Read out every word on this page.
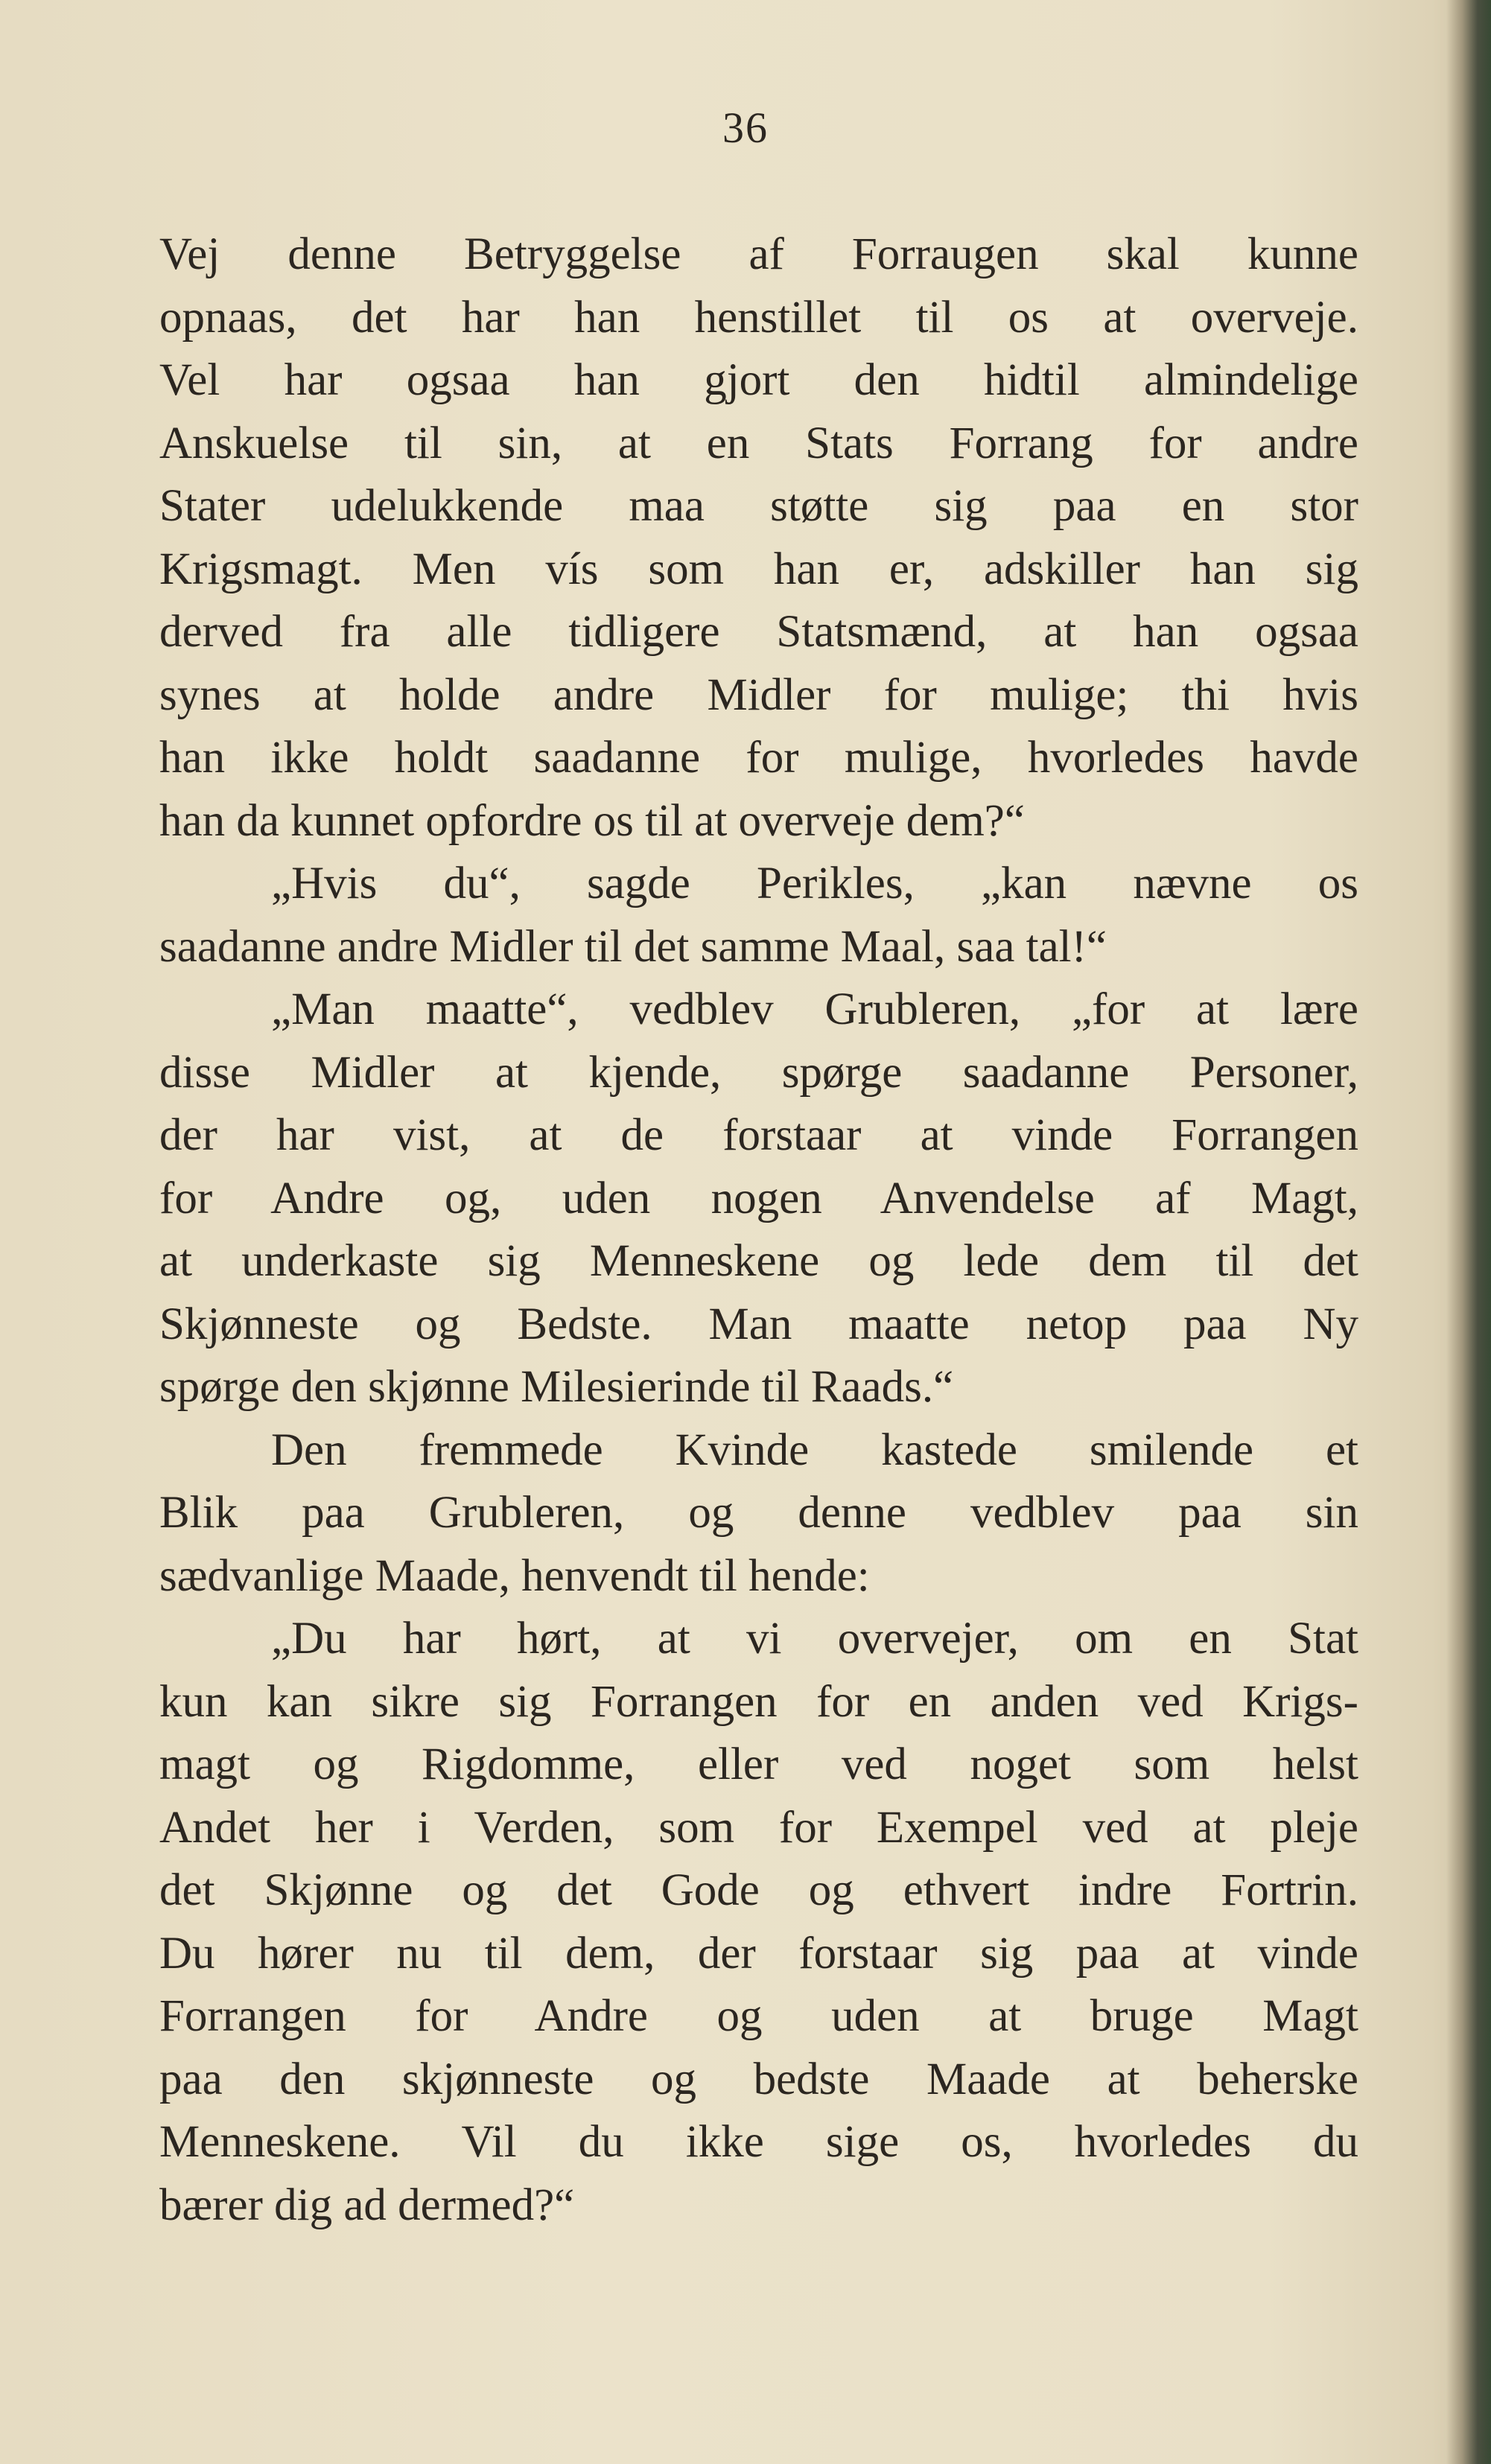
36
Vej denne Betryggelse af Forraugen skal kunne
opnaas, det har han henstillet til os at overveje.
Vel har ogsaa han gjort den hidtil almindelige
Anskuelse til sin, at en Stats Forrang for andre
Stater udelukkende maa støtte sig paa en stor
Krigsmagt. Men vís som han er, adskiller han sig
derved fra alle tidligere Statsmænd, at han ogsaa
synes at holde andre Midler for mulige; thi hvis
han ikke holdt saadanne for mulige, hvorledes havde
han da kunnet opfordre os til at overveje dem?“
„Hvis du“, sagde Perikles, „kan nævne os
saadanne andre Midler til det samme Maal, saa tal!“
„Man maatte“, vedblev Grubleren, „for at lære
disse Midler at kjende, spørge saadanne Personer,
der har vist, at de forstaar at vinde Forrangen
for Andre og, uden nogen Anvendelse af Magt,
at underkaste sig Menneskene og lede dem til det
Skjønneste og Bedste. Man maatte netop paa Ny
spørge den skjønne Milesierinde til Raads.“
Den fremmede Kvinde kastede smilende et
Blik paa Grubleren, og denne vedblev paa sin
sædvanlige Maade, henvendt til hende:
„Du har hørt, at vi overvejer, om en Stat
kun kan sikre sig Forrangen for en anden ved Krigs-
magt og Rigdomme, eller ved noget som helst
Andet her i Verden, som for Exempel ved at pleje
det Skjønne og det Gode og ethvert indre Fortrin.
Du hører nu til dem, der forstaar sig paa at vinde
Forrangen for Andre og uden at bruge Magt
paa den skjønneste og bedste Maade at beherske
Menneskene. Vil du ikke sige os, hvorledes du
bærer dig ad dermed?“
